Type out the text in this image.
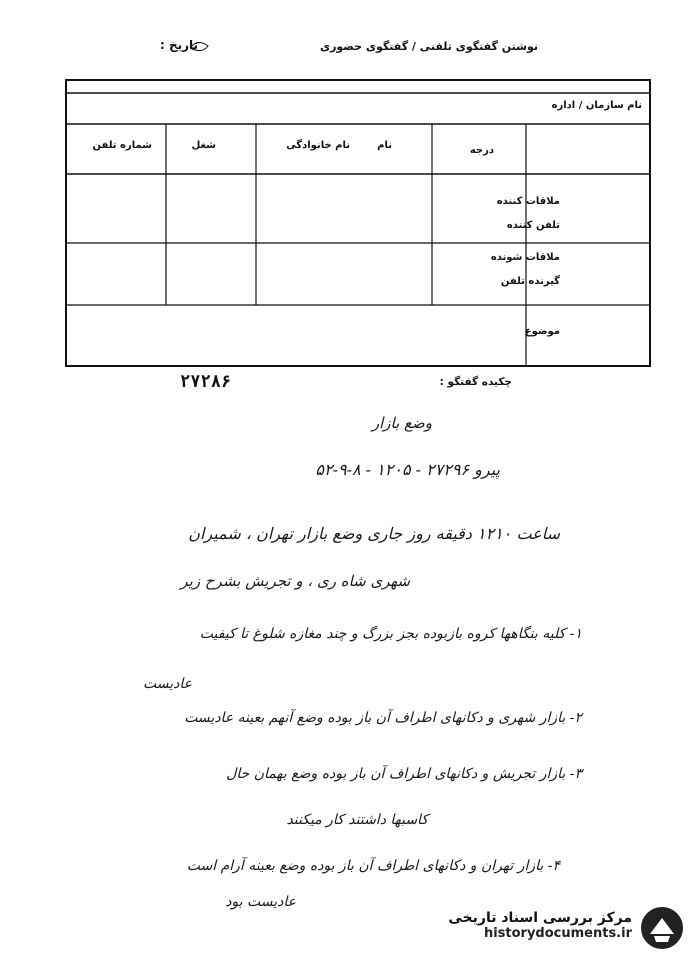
نوشتن گفتگوی تلفنی / گفتگوی حضوری
تاریخ :
نام سازمان / اداره
شماره تلفن	شغل	نام خانوادگی	نام	درجه
ملاقات کننده
تلفن کننده
ملاقات شونده
گیرنده تلفن
موضوع
۲۷۲۸۶	چکیده گفتگو :
وضع بازار
پیرو ۲۷۲۹۶ - ۱۲۰۵ - ۸-۹-۵۲
ساعت ۱۲۱۰ دقیقه روز جاری وضع بازار تهران ، شمیران
شهری شاه ری ، و تجریش بشرح زیر
۱- کلیه بنگاهها کروه بازبوده بجز بزرگ و چند مغازه شلوغ تا کیفیت
عادیست
۲- بازار شهری و دکانهای اطراف آن باز بوده وضع آنهم بعینه عادیست
۳- بازار تجریش و دکانهای اطراف آن باز بوده وضع بهمان حال
کاسبها داشتند کار میکنند
۴- بازار تهران و دکانهای اطراف آن باز بوده وضع بعینه آرام است
عادیست بود
مرکز بررسی اسناد تاریخی
historydocuments.ir
